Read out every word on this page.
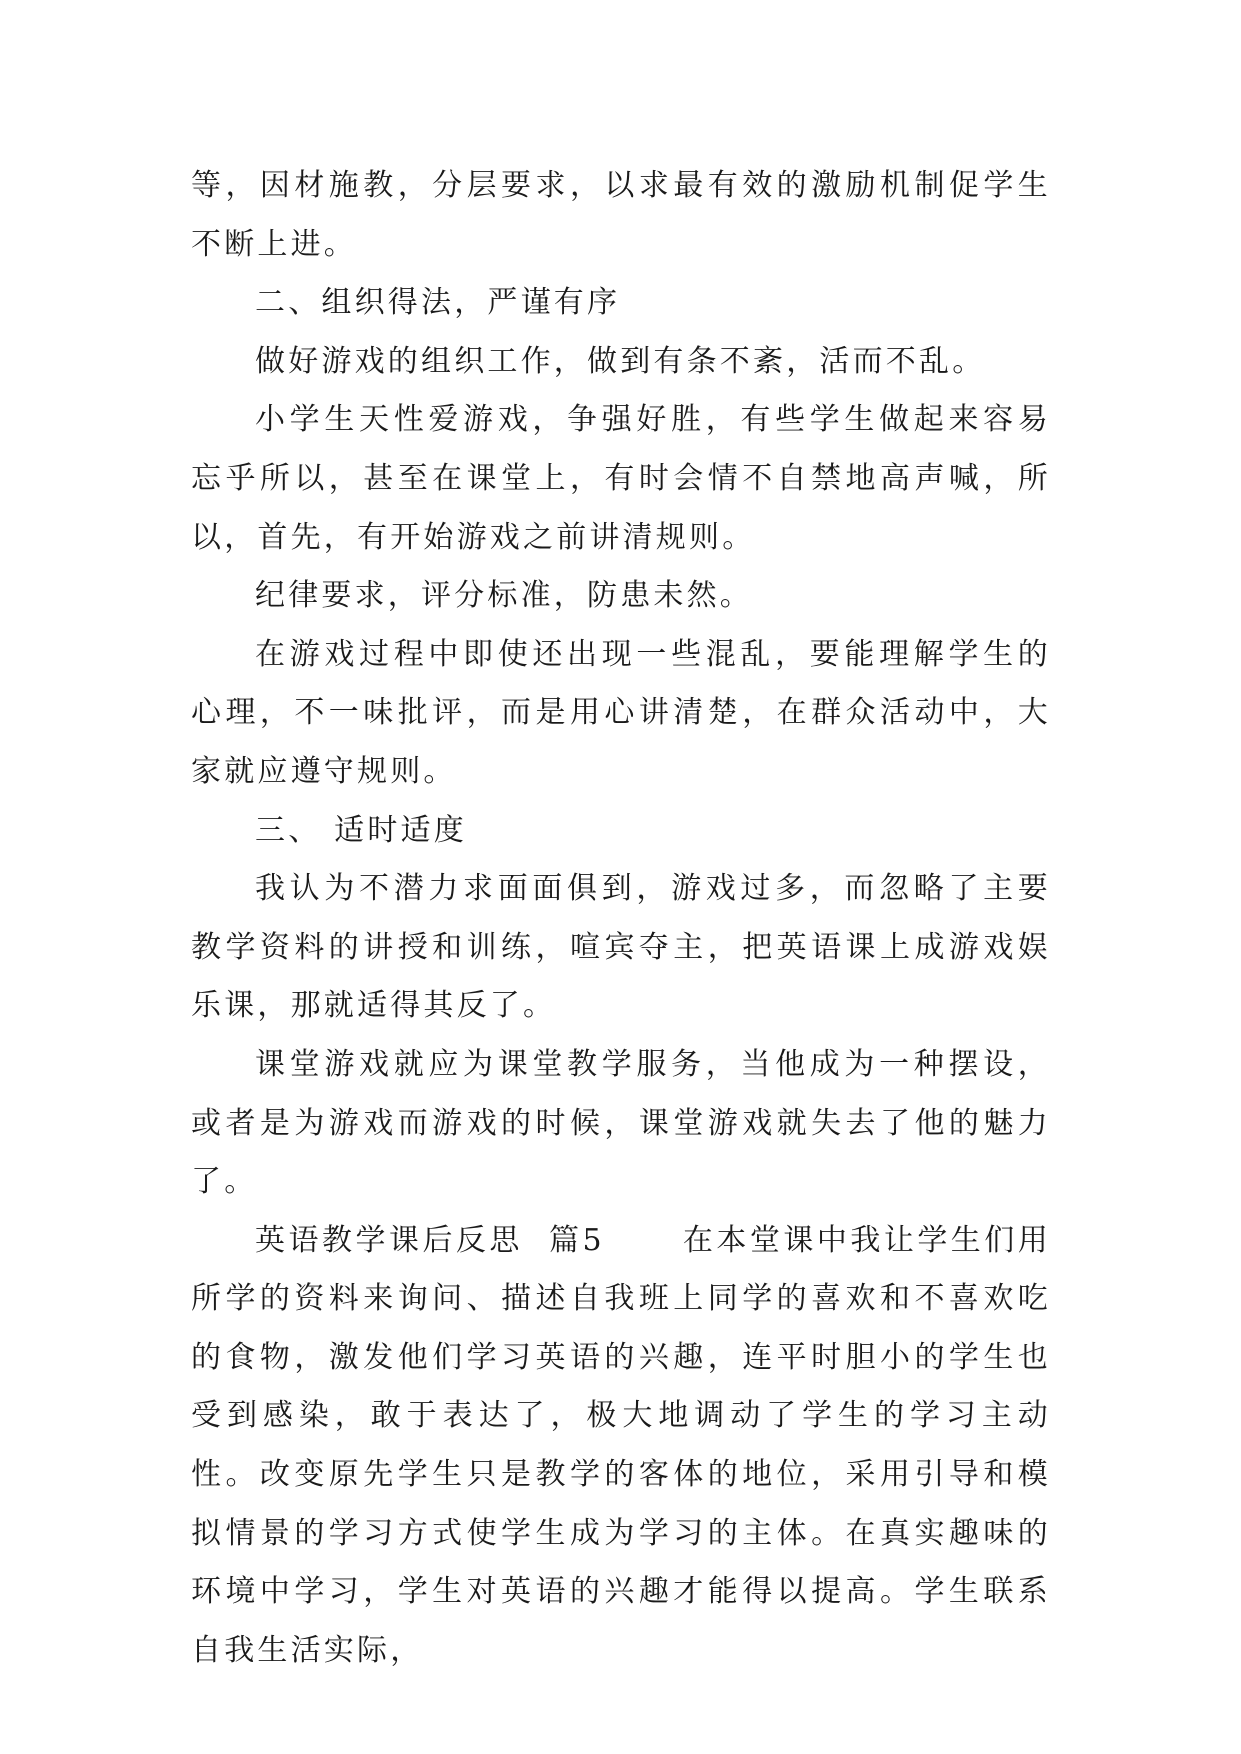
等，因材施教，分层要求，以求最有效的激励机制促学生不断上进。

二、组织得法，严谨有序

做好游戏的组织工作，做到有条不紊，活而不乱。

小学生天性爱游戏，争强好胜，有些学生做起来容易忘乎所以，甚至在课堂上，有时会情不自禁地高声喊，所以，首先，有开始游戏之前讲清规则。

纪律要求，评分标准，防患未然。

在游戏过程中即使还出现一些混乱，要能理解学生的心理，不一味批评，而是用心讲清楚，在群众活动中，大家就应遵守规则。

三、 适时适度

我认为不潜力求面面俱到，游戏过多，而忽略了主要教学资料的讲授和训练，喧宾夺主，把英语课上成游戏娱乐课，那就适得其反了。

课堂游戏就应为课堂教学服务，当他成为一种摆设，或者是为游戏而游戏的时候，课堂游戏就失去了他的魅力了。

英语教学课后反思  篇5      在本堂课中我让学生们用所学的资料来询问、描述自我班上同学的喜欢和不喜欢吃的食物，激发他们学习英语的兴趣，连平时胆小的学生也受到感染，敢于表达了，极大地调动了学生的学习主动性。改变原先学生只是教学的客体的地位，采用引导和模拟情景的学习方式使学生成为学习的主体。在真实趣味的环境中学习，学生对英语的兴趣才能得以提高。学生联系自我生活实际，
